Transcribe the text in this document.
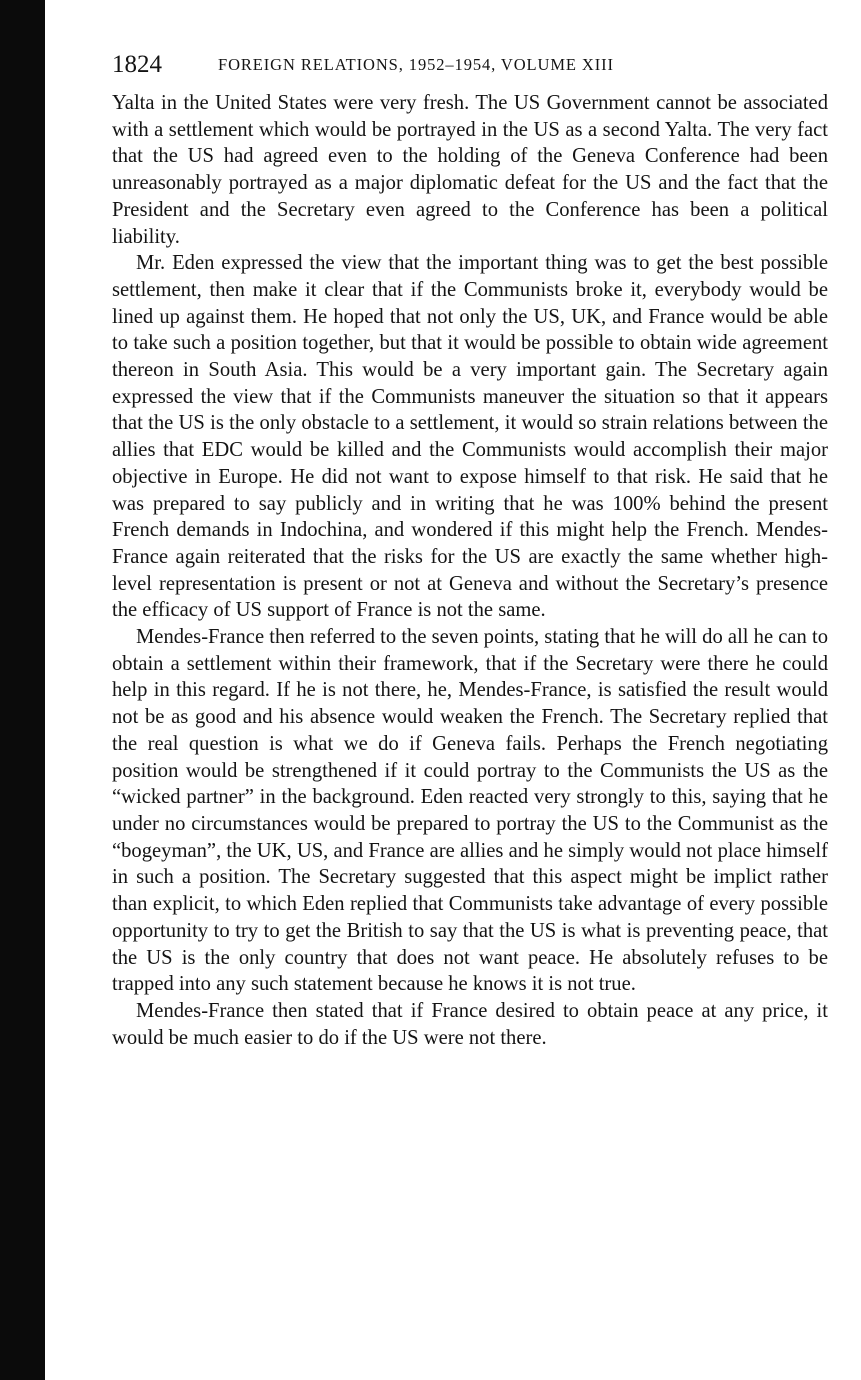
1824	FOREIGN RELATIONS, 1952–1954, VOLUME XIII

Yalta in the United States were very fresh. The US Government cannot be associated with a settlement which would be portrayed in the US as a second Yalta. The very fact that the US had agreed even to the holding of the Geneva Conference had been unreasonably portrayed as a major diplomatic defeat for the US and the fact that the President and the Secretary even agreed to the Conference has been a political liability.

Mr. Eden expressed the view that the important thing was to get the best possible settlement, then make it clear that if the Communists broke it, everybody would be lined up against them. He hoped that not only the US, UK, and France would be able to take such a position together, but that it would be possible to obtain wide agreement thereon in South Asia. This would be a very important gain. The Secretary again expressed the view that if the Communists maneuver the situation so that it appears that the US is the only obstacle to a settlement, it would so strain relations between the allies that EDC would be killed and the Communists would accomplish their major objective in Europe. He did not want to expose himself to that risk. He said that he was prepared to say publicly and in writing that he was 100% behind the present French demands in Indochina, and wondered if this might help the French. Mendes-France again reiterated that the risks for the US are exactly the same whether high-level representation is present or not at Geneva and without the Secretary’s presence the efficacy of US support of France is not the same.

Mendes-France then referred to the seven points, stating that he will do all he can to obtain a settlement within their framework, that if the Secretary were there he could help in this regard. If he is not there, he, Mendes-France, is satisfied the result would not be as good and his absence would weaken the French. The Secretary replied that the real question is what we do if Geneva fails. Perhaps the French negotiating position would be strengthened if it could portray to the Communists the US as the “wicked partner” in the background. Eden reacted very strongly to this, saying that he under no circumstances would be prepared to portray the US to the Communist as the “bogeyman”, the UK, US, and France are allies and he simply would not place himself in such a position. The Secretary suggested that this aspect might be implict rather than explicit, to which Eden replied that Communists take advantage of every possible opportunity to try to get the British to say that the US is what is preventing peace, that the US is the only country that does not want peace. He absolutely refuses to be trapped into any such statement because he knows it is not true.

Mendes-France then stated that if France desired to obtain peace at any price, it would be much easier to do if the US were not there.
